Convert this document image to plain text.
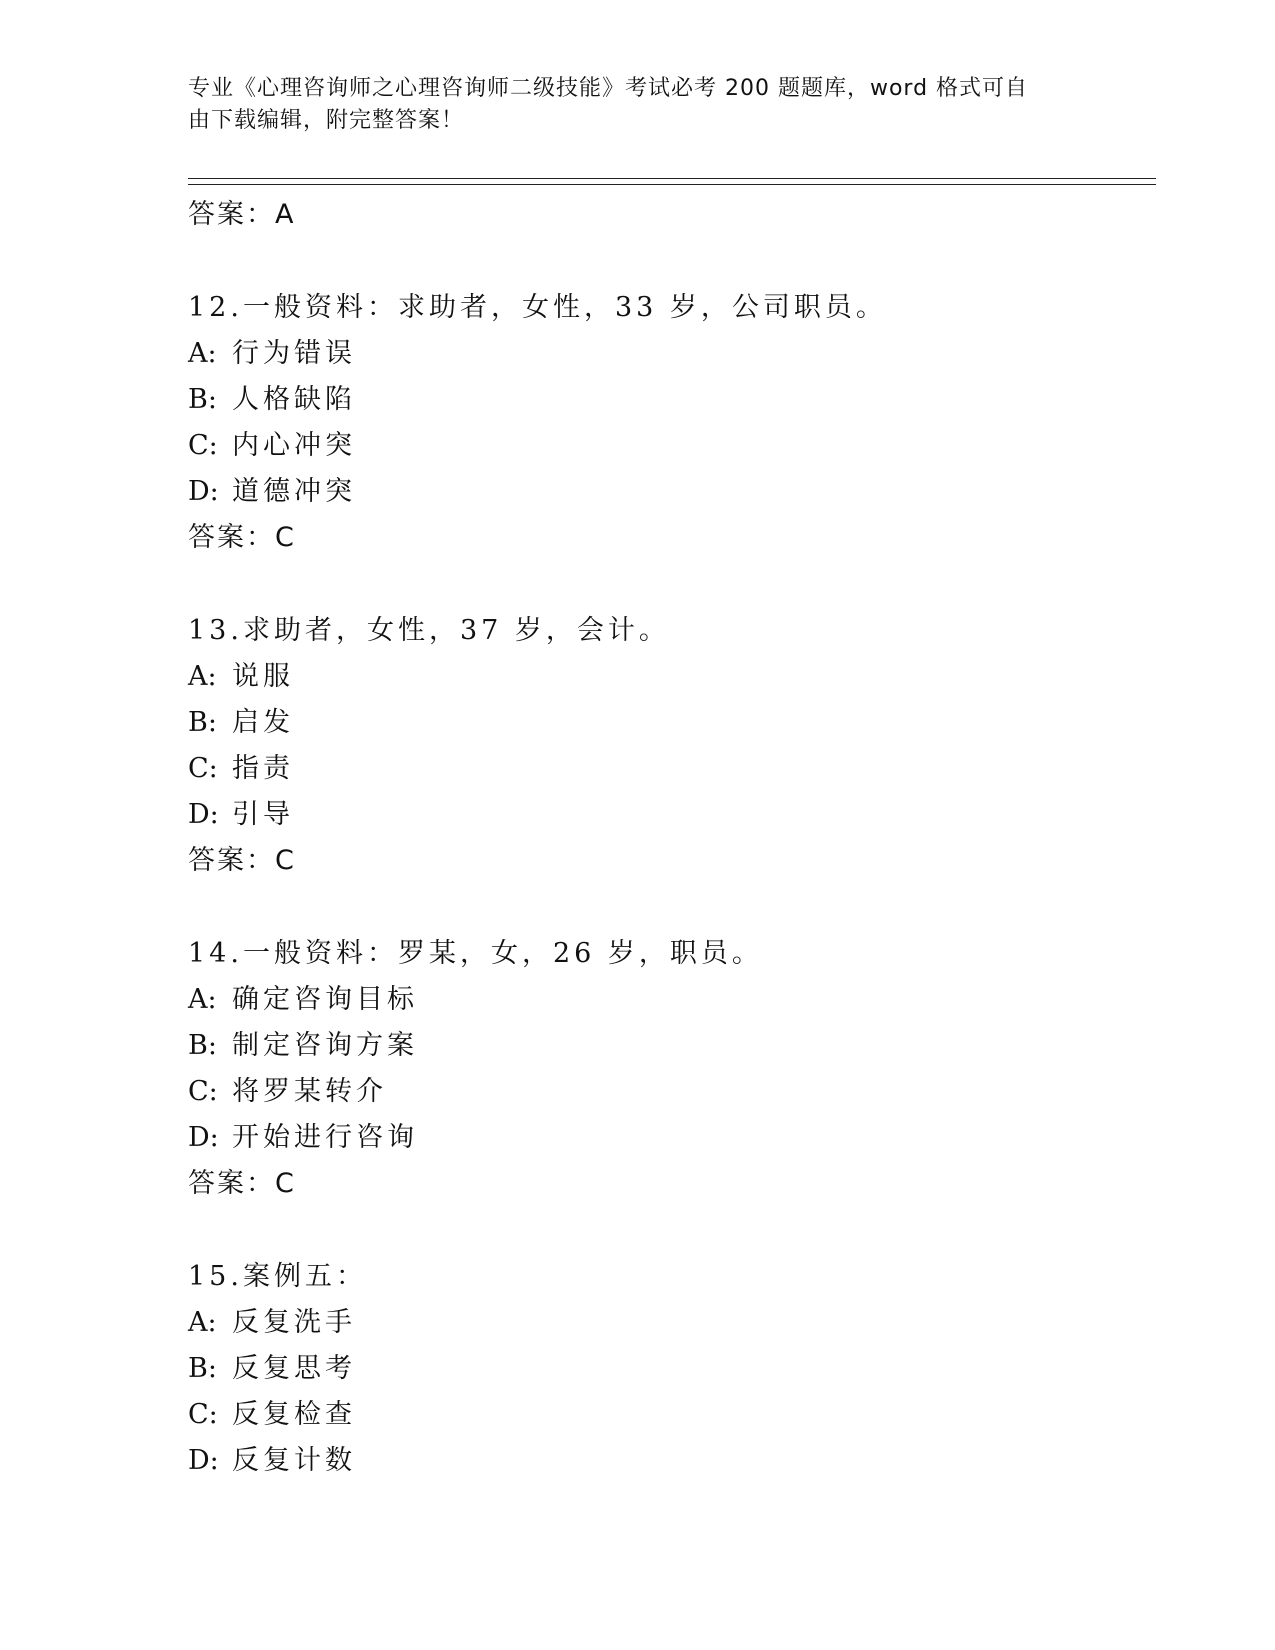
专业《心理咨询师之心理咨询师二级技能》考试必考 200 题题库，word 格式可自
由下载编辑，附完整答案！
答案：A
12.一般资料：求助者，女性，33 岁，公司职员。
A: 行为错误
B: 人格缺陷
C: 内心冲突
D: 道德冲突
答案：C
13.求助者，女性，37 岁，会计。
A: 说服
B: 启发
C: 指责
D: 引导
答案：C
14.一般资料：罗某，女，26 岁，职员。
A: 确定咨询目标
B: 制定咨询方案
C: 将罗某转介
D: 开始进行咨询
答案：C
15.案例五：
A: 反复洗手
B: 反复思考
C: 反复检查
D: 反复计数
